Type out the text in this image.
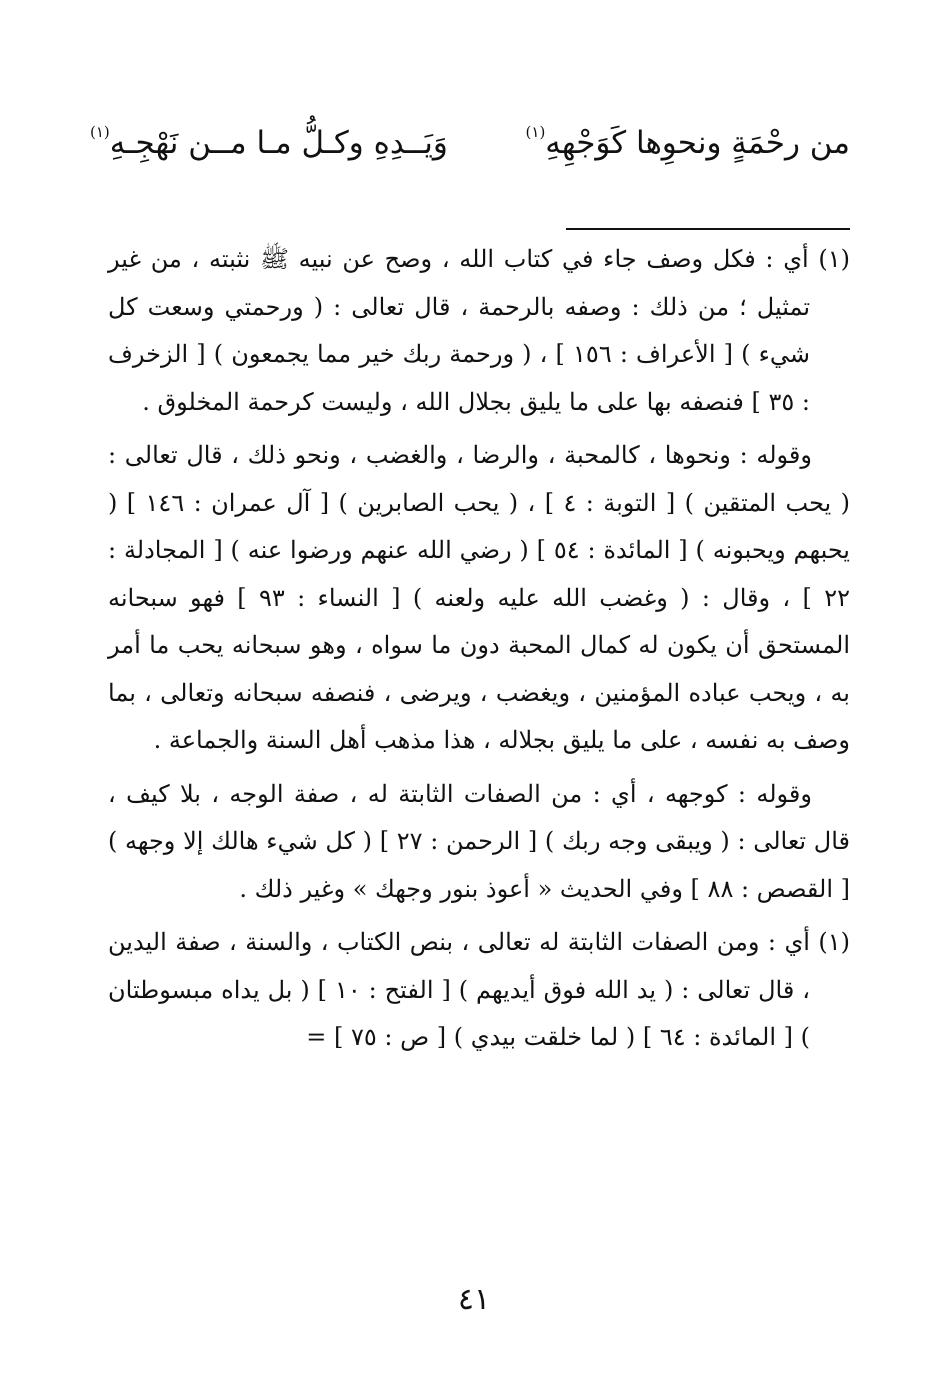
من رحْمَةٍ ونحوِها كَوَجْهِهِ$^{(١)}$
وَيَــدِهِ وكـلُّ مـا مــن نَهْجِـهِ$^{(١)}$

(١) أي : فكل وصف جاء في كتاب الله ، وصح عن نبيه ﷺ نثبته ، من غير تمثيل ؛ من ذلك : وصفه بالرحمة ، قال تعالى : ( ورحمتي وسعت كل شيء ) [ الأعراف : ١٥٦ ] ، ( ورحمة ربك خير مما يجمعون ) [ الزخرف : ٣٥ ] فنصفه بها على ما يليق بجلال الله ، وليست كرحمة المخلوق .

وقوله : ونحوها ، كالمحبة ، والرضا ، والغضب ، ونحو ذلك ، قال تعالى : ( يحب المتقين ) [ التوبة : ٤ ] ، ( يحب الصابرين ) [ آل عمران : ١٤٦ ] ( يحبهم ويحبونه ) [ المائدة : ٥٤ ] ( رضي الله عنهم ورضوا عنه ) [ المجادلة : ٢٢ ] ، وقال : ( وغضب الله عليه ولعنه ) [ النساء : ٩٣ ] فهو سبحانه المستحق أن يكون له كمال المحبة دون ما سواه ، وهو سبحانه يحب ما أمر به ، ويحب عباده المؤمنين ، ويغضب ، ويرضى ، فنصفه سبحانه وتعالى ، بما وصف به نفسه ، على ما يليق بجلاله ، هذا مذهب أهل السنة والجماعة .

وقوله : كوجهه ، أي : من الصفات الثابتة له ، صفة الوجه ، بلا كيف ، قال تعالى : ( ويبقى وجه ربك ) [ الرحمن : ٢٧ ] ( كل شيء هالك إلا وجهه ) [ القصص : ٨٨ ] وفي الحديث « أعوذ بنور وجهك » وغير ذلك .

(١) أي : ومن الصفات الثابتة له تعالى ، بنص الكتاب ، والسنة ، صفة اليدين ، قال تعالى : ( يد الله فوق أيديهم ) [ الفتح : ١٠ ] ( بل يداه مبسوطتان ) [ المائدة : ٦٤ ] ( لما خلقت بيدي ) [ ص : ٧٥ ] =

٤١
